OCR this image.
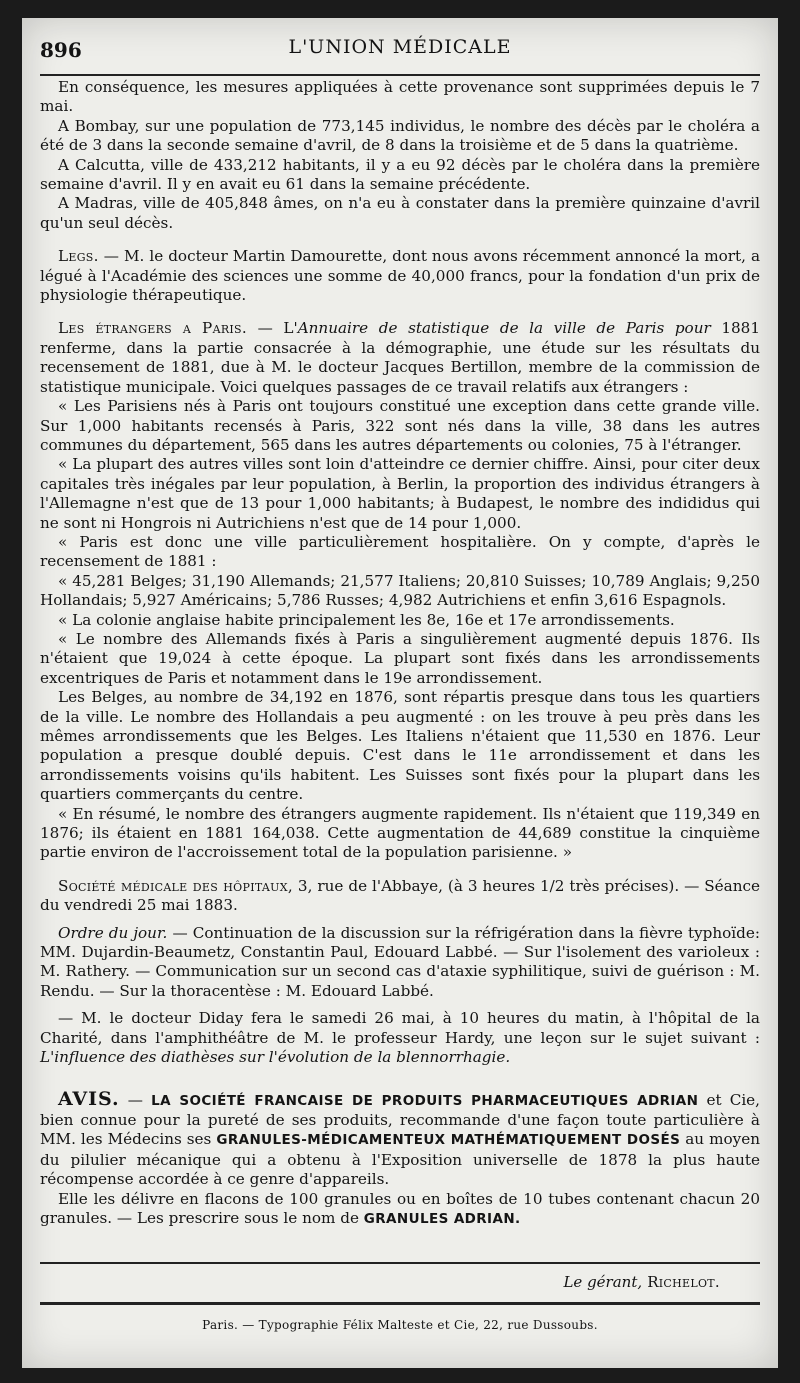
896	L'UNION MÉDICALE

En conséquence, les mesures appliquées à cette provenance sont supprimées depuis le 7 mai.

A Bombay, sur une population de 773,145 individus, le nombre des décès par le choléra a été de 3 dans la seconde semaine d'avril, de 8 dans la troisième et de 5 dans la quatrième.

A Calcutta, ville de 433,212 habitants, il y a eu 92 décès par le choléra dans la première semaine d'avril. Il y en avait eu 61 dans la semaine précédente.

A Madras, ville de 405,848 âmes, on n'a eu à constater dans la première quinzaine d'avril qu'un seul décès.

Legs. — M. le docteur Martin Damourette, dont nous avons récemment annoncé la mort, a légué à l'Académie des sciences une somme de 40,000 francs, pour la fondation d'un prix de physiologie thérapeutique.

Les étrangers a Paris. — L'Annuaire de statistique de la ville de Paris pour 1881 renferme, dans la partie consacrée à la démographie, une étude sur les résultats du recensement de 1881, due à M. le docteur Jacques Bertillon, membre de la commission de statistique municipale. Voici quelques passages de ce travail relatifs aux étrangers :

« Les Parisiens nés à Paris ont toujours constitué une exception dans cette grande ville. Sur 1,000 habitants recensés à Paris, 322 sont nés dans la ville, 38 dans les autres communes du département, 565 dans les autres départements ou colonies, 75 à l'étranger.

« La plupart des autres villes sont loin d'atteindre ce dernier chiffre. Ainsi, pour citer deux capitales très inégales par leur population, à Berlin, la proportion des individus étrangers à l'Allemagne n'est que de 13 pour 1,000 habitants; à Budapest, le nombre des indididus qui ne sont ni Hongrois ni Autrichiens n'est que de 14 pour 1,000.

« Paris est donc une ville particulièrement hospitalière. On y compte, d'après le recensement de 1881 :

« 45,281 Belges; 31,190 Allemands; 21,577 Italiens; 20,810 Suisses; 10,789 Anglais; 9,250 Hollandais; 5,927 Américains; 5,786 Russes; 4,982 Autrichiens et enfin 3,616 Espagnols.

« La colonie anglaise habite principalement les 8e, 16e et 17e arrondissements.

« Le nombre des Allemands fixés à Paris a singulièrement augmenté depuis 1876. Ils n'étaient que 19,024 à cette époque. La plupart sont fixés dans les arrondissements excentriques de Paris et notamment dans le 19e arrondissement.

Les Belges, au nombre de 34,192 en 1876, sont répartis presque dans tous les quartiers de la ville. Le nombre des Hollandais a peu augmenté : on les trouve à peu près dans les mêmes arrondissements que les Belges. Les Italiens n'étaient que 11,530 en 1876. Leur population a presque doublé depuis. C'est dans le 11e arrondissement et dans les arrondissements voisins qu'ils habitent. Les Suisses sont fixés pour la plupart dans les quartiers commerçants du centre.

« En résumé, le nombre des étrangers augmente rapidement. Ils n'étaient que 119,349 en 1876; ils étaient en 1881 164,038. Cette augmentation de 44,689 constitue la cinquième partie environ de l'accroissement total de la population parisienne. »

Société médicale des hôpitaux, 3, rue de l'Abbaye, (à 3 heures 1/2 très précises). — Séance du vendredi 25 mai 1883.

Ordre du jour. — Continuation de la discussion sur la réfrigération dans la fièvre typhoïde: MM. Dujardin-Beaumetz, Constantin Paul, Edouard Labbé. — Sur l'isolement des varioleux : M. Rathery. — Communication sur un second cas d'ataxie syphilitique, suivi de guérison : M. Rendu. — Sur la thoracentèse : M. Edouard Labbé.

— M. le docteur Diday fera le samedi 26 mai, à 10 heures du matin, à l'hôpital de la Charité, dans l'amphithéâtre de M. le professeur Hardy, une leçon sur le sujet suivant : L'influence des diathèses sur l'évolution de la blennorrhagie.

AVIS. — LA SOCIÉTÉ FRANCAISE DE PRODUITS PHARMACEUTIQUES ADRIAN et Cie, bien connue pour la pureté de ses produits, recommande d'une façon toute particulière à MM. les Médecins ses GRANULES-MÉDICAMENTEUX MATHÉMATIQUEMENT DOSÉS au moyen du pilulier mécanique qui a obtenu à l'Exposition universelle de 1878 la plus haute récompense accordée à ce genre d'appareils.

Elle les délivre en flacons de 100 granules ou en boîtes de 10 tubes contenant chacun 20 granules. — Les prescrire sous le nom de GRANULES ADRIAN.

Le gérant, Richelot.
Paris. — Typographie Félix Malteste et Cie, 22, rue Dussoubs.
